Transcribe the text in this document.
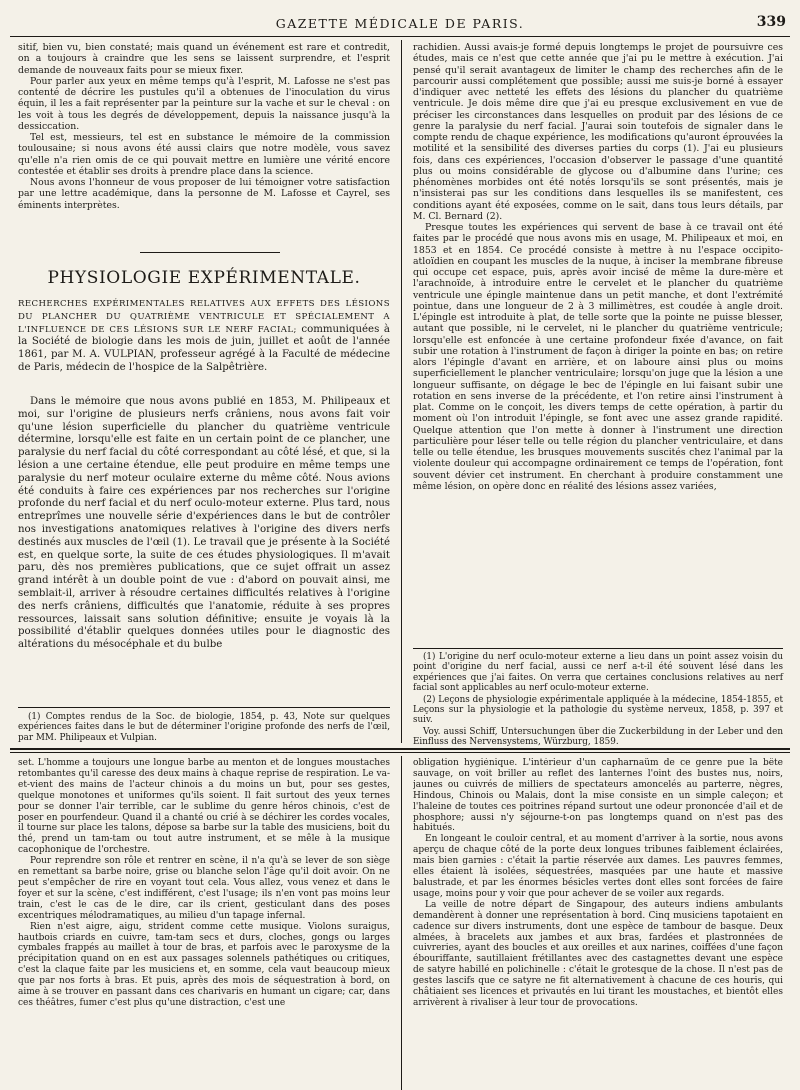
GAZETTE MÉDICALE DE PARIS.	339

sitif, bien vu, bien constaté; mais quand un événement est rare et contredit, on a toujours à craindre que les sens se laissent surprendre, et l'esprit demande de nouveaux faits pour se mieux fixer.

Pour parler aux yeux en même temps qu'à l'esprit, M. Lafosse ne s'est pas contenté de décrire les pustules qu'il a obtenues de l'inoculation du virus équin, il les a fait représenter par la peinture sur la vache et sur le cheval : on les voit à tous les degrés de développement, depuis la naissance jusqu'à la dessiccation.

Tel est, messieurs, tel est en substance le mémoire de la commission toulousaine; si nous avons été aussi clairs que notre modèle, vous savez qu'elle n'a rien omis de ce qui pouvait mettre en lumière une vérité encore contestée et établir ses droits à prendre place dans la science.

Nous avons l'honneur de vous proposer de lui témoigner votre satisfaction par une lettre académique, dans la personne de M. Lafosse et Cayrel, ses éminents interprètes.

PHYSIOLOGIE EXPÉRIMENTALE.
RECHERCHES EXPÉRIMENTALES RELATIVES AUX EFFETS DES LÉSIONS DU PLANCHER DU QUATRIÈME VENTRICULE ET SPÉCIALEMENT A L'INFLUENCE DE CES LÉSIONS SUR LE NERF FACIAL; communiquées à la Société de biologie dans les mois de juin, juillet et août de l'année 1861, par M. A. VULPIAN, professeur agrégé à la Faculté de médecine de Paris, médecin de l'hospice de la Salpêtrière.

Dans le mémoire que nous avons publié en 1853, M. Philipeaux et moi, sur l'origine de plusieurs nerfs crâniens, nous avons fait voir qu'une lésion superficielle du plancher du quatrième ventricule détermine, lorsqu'elle est faite en un certain point de ce plancher, une paralysie du nerf facial du côté correspondant au côté lésé, et que, si la lésion a une certaine étendue, elle peut produire en même temps une paralysie du nerf moteur oculaire externe du même côté. Nous avions été conduits à faire ces expériences par nos recherches sur l'origine profonde du nerf facial et du nerf oculo-moteur externe. Plus tard, nous entreprîmes une nouvelle série d'expériences dans le but de contrôler nos investigations anatomiques relatives à l'origine des divers nerfs destinés aux muscles de l'œil (1). Le travail que je présente à la Société est, en quelque sorte, la suite de ces études physiologiques. Il m'avait paru, dès nos premières publications, que ce sujet offrait un assez grand intérêt à un double point de vue : d'abord on pouvait ainsi, me semblait-il, arriver à résoudre certaines difficultés relatives à l'origine des nerfs crâniens, difficultés que l'anatomie, réduite à ses propres ressources, laissait sans solution définitive; ensuite je voyais là la possibilité d'établir quelques données utiles pour le diagnostic des altérations du mésocéphale et du bulbe

(1) Comptes rendus de la Soc. de biologie, 1854, p. 43, Note sur quelques expériences faites dans le but de déterminer l'origine profonde des nerfs de l'œil, par MM. Philipeaux et Vulpian.

rachidien. Aussi avais-je formé depuis longtemps le projet de poursuivre ces études, mais ce n'est que cette année que j'ai pu le mettre à exécution. J'ai pensé qu'il serait avantageux de limiter le champ des recherches afin de le parcourir aussi complétement que possible; aussi me suis-je borné à essayer d'indiquer avec netteté les effets des lésions du plancher du quatrième ventricule. Je dois même dire que j'ai eu presque exclusivement en vue de préciser les circonstances dans lesquelles on produit par des lésions de ce genre la paralysie du nerf facial. J'aurai soin toutefois de signaler dans le compte rendu de chaque expérience, les modifications qu'auront éprouvées la motilité et la sensibilité des diverses parties du corps (1). J'ai eu plusieurs fois, dans ces expériences, l'occasion d'observer le passage d'une quantité plus ou moins considérable de glycose ou d'albumine dans l'urine; ces phénomènes morbides ont été notés lorsqu'ils se sont présentés, mais je n'insisterai pas sur les conditions dans lesquelles ils se manifestent, ces conditions ayant été exposées, comme on le sait, dans tous leurs détails, par M. Cl. Bernard (2).

Presque toutes les expériences qui servent de base à ce travail ont été faites par le procédé que nous avons mis en usage, M. Philipeaux et moi, en 1853 et en 1854. Ce procédé consiste à mettre à nu l'espace occipito-atloïdien en coupant les muscles de la nuque, à inciser la membrane fibreuse qui occupe cet espace, puis, après avoir incisé de même la dure-mère et l'arachnoïde, à introduire entre le cervelet et le plancher du quatrième ventricule une épingle maintenue dans un petit manche, et dont l'extrémité pointue, dans une longueur de 2 à 3 millimètres, est coudée à angle droit. L'épingle est introduite à plat, de telle sorte que la pointe ne puisse blesser, autant que possible, ni le cervelet, ni le plancher du quatrième ventricule; lorsqu'elle est enfoncée à une certaine profondeur fixée d'avance, on fait subir une rotation à l'instrument de façon à diriger la pointe en bas; on retire alors l'épingle d'avant en arrière, et on laboure ainsi plus ou moins superficiellement le plancher ventriculaire; lorsqu'on juge que la lésion a une longueur suffisante, on dégage le bec de l'épingle en lui faisant subir une rotation en sens inverse de la précédente, et l'on retire ainsi l'instrument à plat. Comme on le conçoit, les divers temps de cette opération, à partir du moment où l'on introduit l'épingle, se font avec une assez grande rapidité. Quelque attention que l'on mette à donner à l'instrument une direction particulière pour léser telle ou telle région du plancher ventriculaire, et dans telle ou telle étendue, les brusques mouvements suscités chez l'animal par la violente douleur qui accompagne ordinairement ce temps de l'opération, font souvent dévier cet instrument. En cherchant à produire constamment une même lésion, on opère donc en réalité des lésions assez variées,

(1) L'origine du nerf oculo-moteur externe a lieu dans un point assez voisin du point d'origine du nerf facial, aussi ce nerf a-t-il été souvent lésé dans les expériences que j'ai faites. On verra que certaines conclusions relatives au nerf facial sont applicables au nerf oculo-moteur externe.

(2) Leçons de physiologie expérimentale appliquée à la médecine, 1854-1855, et Leçons sur la physiologie et la pathologie du système nerveux, 1858, p. 397 et suiv.

Voy. aussi Schiff, Untersuchungen über die Zuckerbildung in der Leber und den Einfluss des Nervensystems, Würzburg, 1859.

set. L'homme a toujours une longue barbe au menton et de longues moustaches retombantes qu'il caresse des deux mains à chaque reprise de respiration. Le va-et-vient des mains de l'acteur chinois a du moins un but, pour ses gestes, quelque monotones et uniformes qu'ils soient. Il fait surtout des yeux ternes pour se donner l'air terrible, car le sublime du genre héros chinois, c'est de poser en pourfendeur. Quand il a chanté ou crié à se déchirer les cordes vocales, il tourne sur place les talons, dépose sa barbe sur la table des musiciens, boit du thé, prend un tam-tam ou tout autre instrument, et se mêle à la musique cacophonique de l'orchestre.

Pour reprendre son rôle et rentrer en scène, il n'a qu'à se lever de son siège en remettant sa barbe noire, grise ou blanche selon l'âge qu'il doit avoir. On ne peut s'empêcher de rire en voyant tout cela. Vous allez, vous venez et dans le foyer et sur la scène, c'est indifférent, c'est l'usage; ils n'en vont pas moins leur train, c'est le cas de le dire, car ils crient, gesticulant dans des poses excentriques mélodramatiques, au milieu d'un tapage infernal.

Rien n'est aigre, aigu, strident comme cette musique. Violons suraigus, hautbois criards en cuivre, tam-tam secs et durs, cloches, gongs ou larges cymbales frappés au maillet à tour de bras, et parfois avec le paroxysme de la précipitation quand on en est aux passages solennels pathétiques ou critiques, c'est la claque faite par les musiciens et, en somme, cela vaut beaucoup mieux que par nos forts à bras. Et puis, après des mois de séquestration à bord, on aime à se trouver en passant dans ces charivaris en humant un cigare; car, dans ces théâtres, fumer c'est plus qu'une distraction, c'est une

obligation hygiénique. L'intérieur d'un capharnaüm de ce genre pue la bête sauvage, on voit briller au reflet des lanternes l'oint des bustes nus, noirs, jaunes ou cuivrés de milliers de spectateurs amoncelés au parterre, nègres, Hindous, Chinois ou Malais, dont la mise consiste en un simple caleçon; et l'haleine de toutes ces poitrines répand surtout une odeur prononcée d'ail et de phosphore; aussi n'y séjourne-t-on pas longtemps quand on n'est pas des habitués.

En longeant le couloir central, et au moment d'arriver à la sortie, nous avons aperçu de chaque côté de la porte deux longues tribunes faiblement éclairées, mais bien garnies : c'était la partie réservée aux dames. Les pauvres femmes, elles étaient là isolées, séquestrées, masquées par une haute et massive balustrade, et par les énormes bésicles vertes dont elles sont forcées de faire usage, moins pour y voir que pour achever de se voiler aux regards.

La veille de notre départ de Singapour, des auteurs indiens ambulants demandèrent à donner une représentation à bord. Cinq musiciens tapotaient en cadence sur divers instruments, dont une espèce de tambour de basque. Deux almées, à bracelets aux jambes et aux bras, fardées et plastronnées de cuivreries, ayant des boucles et aux oreilles et aux narines, coiffées d'une façon ébouriffante, sautillaient frétillantes avec des castagnettes devant une espèce de satyre habillé en polichinelle : c'était le grotesque de la chose. Il n'est pas de gestes lascifs que ce satyre ne fit alternativement à chacune de ces houris, qui châtiaient ses licences et privautés en lui tirant les moustaches, et bientôt elles arrivèrent à rivaliser à leur tour de provocations.
